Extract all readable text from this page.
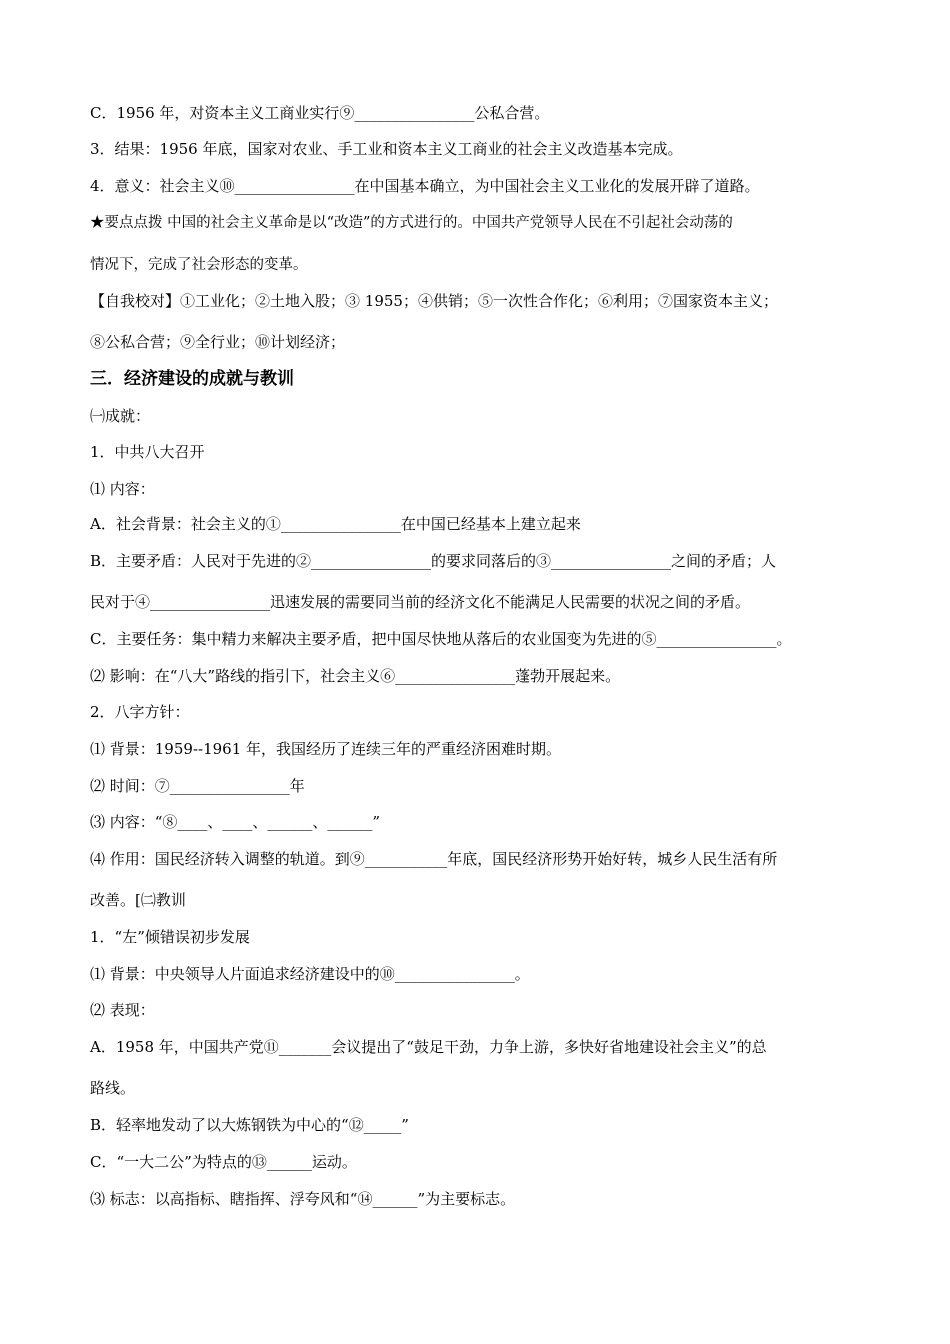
C．1956 年，对资本主义工商业实行⑨________________公私合营。
3．结果：1956 年底，国家对农业、手工业和资本主义工商业的社会主义改造基本完成。
4．意义：社会主义⑩________________在中国基本确立，为中国社会主义工业化的发展开辟了道路。
★要点点拨 中国的社会主义革命是以“改造”的方式进行的。中国共产党领导人民在不引起社会动荡的
情况下，完成了社会形态的变革。
【自我校对】①工业化；②土地入股；③ 1955；④供销；⑤一次性合作化；⑥利用；⑦国家资本主义；
⑧公私合营；⑨全行业；⑩计划经济；
三．经济建设的成就与教训
㈠成就：
1．中共八大召开
⑴ 内容：
A．社会背景：社会主义的①________________在中国已经基本上建立起来
B．主要矛盾：人民对于先进的②________________的要求同落后的③________________之间的矛盾；人
民对于④________________迅速发展的需要同当前的经济文化不能满足人民需要的状况之间的矛盾。
C．主要任务：集中精力来解决主要矛盾，把中国尽快地从落后的农业国变为先进的⑤________________。
⑵ 影响：在“八大”路线的指引下，社会主义⑥________________蓬勃开展起来。
2．八字方针：
⑴ 背景：1959--1961 年，我国经历了连续三年的严重经济困难时期。
⑵ 时间：⑦________________年
⑶ 内容：“⑧____、____、______、______”
⑷ 作用：国民经济转入调整的轨道。到⑨___________年底，国民经济形势开始好转，城乡人民生活有所
改善。[㈡教训
1．“左”倾错误初步发展
⑴ 背景：中央领导人片面追求经济建设中的⑩________________。
⑵ 表现：
A．1958 年，中国共产党⑪_______会议提出了“鼓足干劲，力争上游，多快好省地建设社会主义”的总
路线。
B．轻率地发动了以大炼钢铁为中心的“⑫_____”
C．“一大二公”为特点的⑬______运动。
⑶ 标志：以高指标、瞎指挥、浮夸风和“⑭______”为主要标志。
